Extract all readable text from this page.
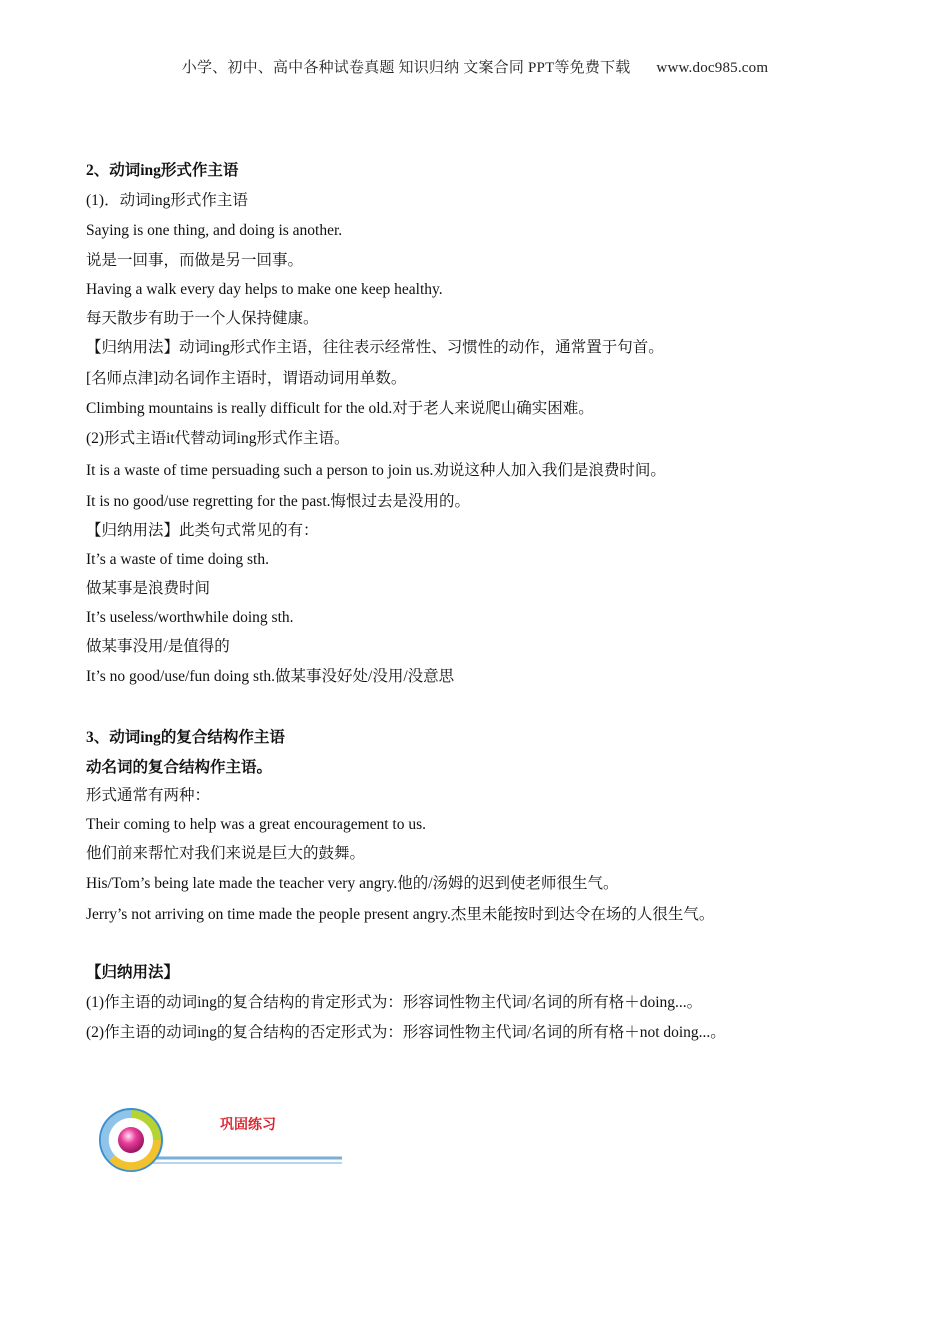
小学、初中、高中各种试卷真题 知识归纳 文案合同 PPT等免费下载 www.doc985.com
2、动词ing形式作主语
(1)．动词ing形式作主语
Saying is one thing, and doing is another.
说是一回事，而做是另一回事。
Having a walk every day helps to make one keep healthy.
每天散步有助于一个人保持健康。
【归纳用法】动词ing形式作主语，往往表示经常性、习惯性的动作，通常置于句首。
[名师点津]动名词作主语时，谓语动词用单数。
Climbing mountains is really difficult for the old.对于老人来说爬山确实困难。
(2)形式主语it代替动词ing形式作主语。
It is a waste of time persuading such a person to join us.劝说这种人加入我们是浪费时间。
It is no good/use regretting for the past.悔恨过去是没用的。
【归纳用法】此类句式常见的有：
It’s a waste of time doing sth.
做某事是浪费时间
It’s useless/worthwhile doing sth.
做某事没用/是值得的
It’s no good/use/fun doing sth.做某事没好处/没用/没意思
3、动词ing的复合结构作主语
动名词的复合结构作主语。
形式通常有两种：
Their coming to help was a great encouragement to us.
他们前来帮忙对我们来说是巨大的鼓舞。
His/Tom’s being late made the teacher very angry.他的/汤姆的迟到使老师很生气。
Jerry’s not arriving on time made the people present angry.杰里未能按时到达令在场的人很生气。
【归纳用法】
(1)作主语的动词ing的复合结构的肯定形式为：形容词性物主代词/名词的所有格＋doing...。
(2)作主语的动词ing的复合结构的否定形式为：形容词性物主代词/名词的所有格＋not doing...。
巩固练习
